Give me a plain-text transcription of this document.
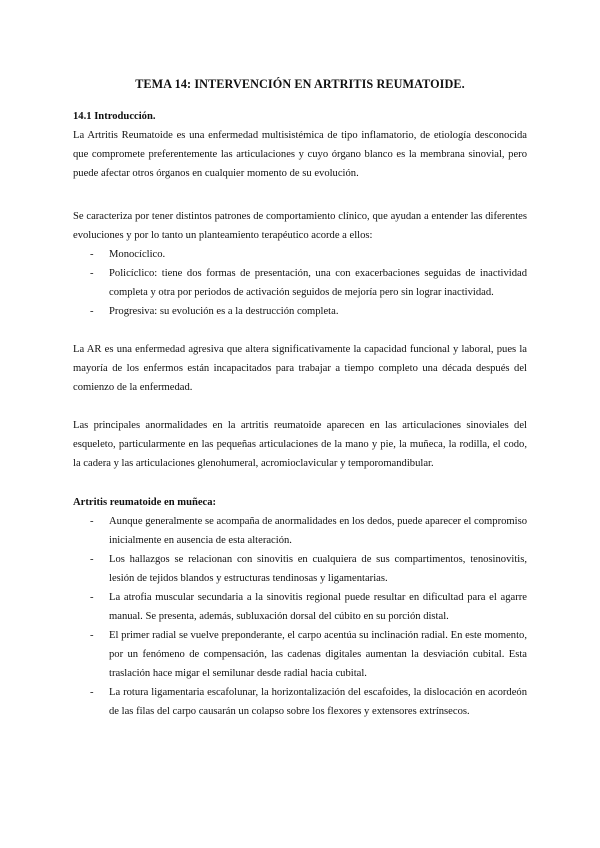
TEMA 14: INTERVENCIÓN EN ARTRITIS REUMATOIDE.
14.1 Introducción.

La Artritis Reumatoide es una enfermedad multisistémica de tipo inflamatorio, de etiología desconocida que compromete preferentemente las articulaciones y cuyo órgano blanco es la membrana sinovial, pero puede afectar otros órganos en cualquier momento de su evolución.

Se caracteriza por tener distintos patrones de comportamiento clínico, que ayudan a entender las diferentes evoluciones y por lo tanto un planteamiento terapéutico acorde a ellos:

- Monocíclico.
- Policíclico: tiene dos formas de presentación, una con exacerbaciones seguidas de inactividad completa y otra por periodos de activación seguidos de mejoría pero sin lograr inactividad.
- Progresiva: su evolución es a la destrucción completa.

La AR es una enfermedad agresiva que altera significativamente la capacidad funcional y laboral, pues la mayoría de los enfermos están incapacitados para trabajar a tiempo completo una década después del comienzo de la enfermedad.

Las principales anormalidades en la artritis reumatoide aparecen en las articulaciones sinoviales del esqueleto, particularmente en las pequeñas articulaciones de la mano y pie, la muñeca, la rodilla, el codo, la cadera y las articulaciones glenohumeral, acromioclavicular y temporomandibular.

Artritis reumatoide en muñeca:
- Aunque generalmente se acompaña de anormalidades en los dedos, puede aparecer el compromiso inicialmente en ausencia de esta alteración.
- Los hallazgos se relacionan con sinovitis en cualquiera de sus compartimentos, tenosinovitis, lesión de tejidos blandos y estructuras tendinosas y ligamentarias.
- La atrofia muscular secundaria a la sinovitis regional puede resultar en dificultad para el agarre manual. Se presenta, además, subluxación dorsal del cúbito en su porción distal.
- El primer radial se vuelve preponderante, el carpo acentúa su inclinación radial. En este momento, por un fenómeno de compensación, las cadenas digitales aumentan la desviación cubital. Esta traslación hace migar el semilunar desde radial hacia cubital.
- La rotura ligamentaria escafolunar, la horizontalización del escafoides, la dislocación en acordeón de las filas del carpo causarán un colapso sobre los flexores y extensores extrínsecos.
